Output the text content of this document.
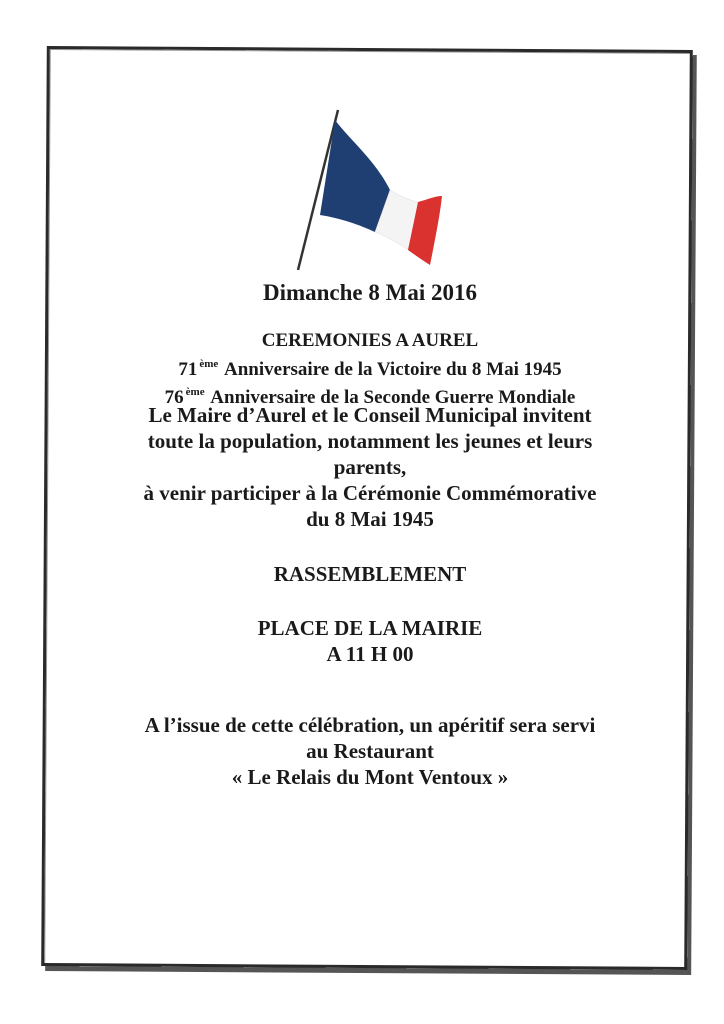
Dimanche 8 Mai 2016
CEREMONIES A AUREL
71 $^{ème}$ Anniversaire de la Victoire du 8 Mai 1945
76 $^{ème}$ Anniversaire de la Seconde Guerre Mondiale
Le Maire d’Aurel et le Conseil Municipal invitent
toute la population, notamment les jeunes et leurs
parents,
à venir participer à la Cérémonie Commémorative
du 8 Mai 1945
RASSEMBLEMENT
PLACE DE LA MAIRIE
A 11 H 00
A l’issue de cette célébration, un apéritif sera servi
au Restaurant
« Le Relais du Mont Ventoux »
